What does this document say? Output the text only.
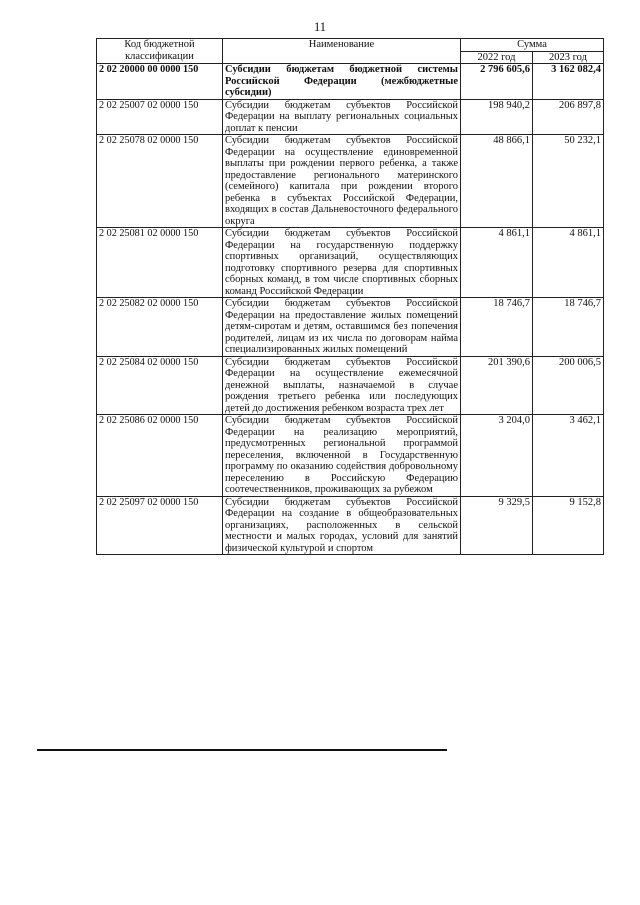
11
Код бюджетной классификации	Наименование	Сумма	
		2022 год	2023 год
2 02 20000 00 0000 150	Субсидии бюджетам бюджетной системы Российской Федерации (межбюджетные субсидии)	2 796 605,6	3 162 082,4
2 02 25007 02 0000 150	Субсидии бюджетам субъектов Российской Федерации на выплату региональных социальных доплат к пенсии	198 940,2	206 897,8
2 02 25078 02 0000 150	Субсидии бюджетам субъектов Российской Федерации на осуществление единовременной выплаты при рождении первого ребенка, а также предоставление регионального материнского (семейного) капитала при рождении второго ребенка в субъектах Российской Федерации, входящих в состав Дальневосточного федерального округа	48 866,1	50 232,1
2 02 25081 02 0000 150	Субсидии бюджетам субъектов Российской Федерации на государственную поддержку спортивных организаций, осуществляющих подготовку спортивного резерва для спортивных сборных команд, в том числе спортивных сборных команд Российской Федерации	4 861,1	4 861,1
2 02 25082 02 0000 150	Субсидии бюджетам субъектов Российской Федерации на предоставление жилых помещений детям-сиротам и детям, оставшимся без попечения родителей, лицам из их числа по договорам найма специализированных жилых помещений	18 746,7	18 746,7
2 02 25084 02 0000 150	Субсидии бюджетам субъектов Российской Федерации на осуществление ежемесячной денежной выплаты, назначаемой в случае рождения третьего ребенка или последующих детей до достижения ребенком возраста трех лет	201 390,6	200 006,5
2 02 25086 02 0000 150	Субсидии бюджетам субъектов Российской Федерации на реализацию мероприятий, предусмотренных региональной программой переселения, включенной в Государственную программу по оказанию содействия добровольному переселению в Российскую Федерацию соотечественников, проживающих за рубежом	3 204,0	3 462,1
2 02 25097 02 0000 150	Субсидии бюджетам субъектов Российской Федерации на создание в общеобразовательных организациях, расположенных в сельской местности и малых городах, условий для занятий физической культурой и спортом	9 329,5	9 152,8
